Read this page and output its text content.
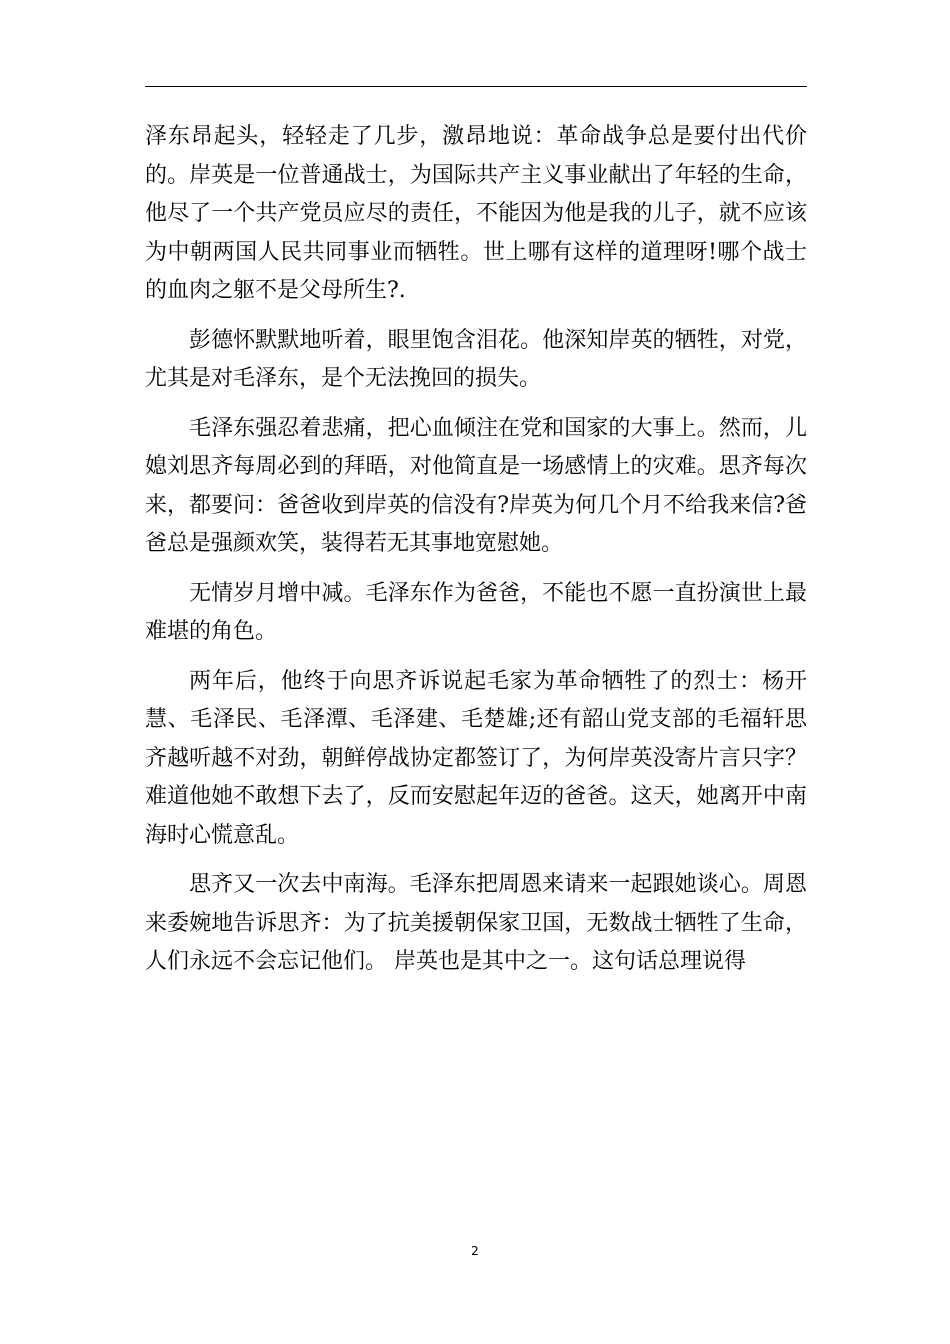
泽东昂起头，轻轻走了几步，激昂地说：革命战争总是要付出代价的。岸英是一位普通战士，为国际共产主义事业献出了年轻的生命，他尽了一个共产党员应尽的责任，不能因为他是我的儿子，就不应该为中朝两国人民共同事业而牺牲。世上哪有这样的道理呀!哪个战士的血肉之躯不是父母所生?.

彭德怀默默地听着，眼里饱含泪花。他深知岸英的牺牲，对党，尤其是对毛泽东，是个无法挽回的损失。

毛泽东强忍着悲痛，把心血倾注在党和国家的大事上。然而，儿媳刘思齐每周必到的拜晤，对他简直是一场感情上的灾难。思齐每次来，都要问：爸爸收到岸英的信没有?岸英为何几个月不给我来信?爸爸总是强颜欢笑，装得若无其事地宽慰她。

无情岁月增中减。毛泽东作为爸爸，不能也不愿一直扮演世上最难堪的角色。

两年后，他终于向思齐诉说起毛家为革命牺牲了的烈士：杨开慧、毛泽民、毛泽潭、毛泽建、毛楚雄;还有韶山党支部的毛福轩思齐越听越不对劲，朝鲜停战协定都签订了，为何岸英没寄片言只字？难道他她不敢想下去了，反而安慰起年迈的爸爸。这天，她离开中南海时心慌意乱。

思齐又一次去中南海。毛泽东把周恩来请来一起跟她谈心。周恩来委婉地告诉思齐：为了抗美援朝保家卫国，无数战士牺牲了生命，人们永远不会忘记他们。 岸英也是其中之一。这句话总理说得

2
